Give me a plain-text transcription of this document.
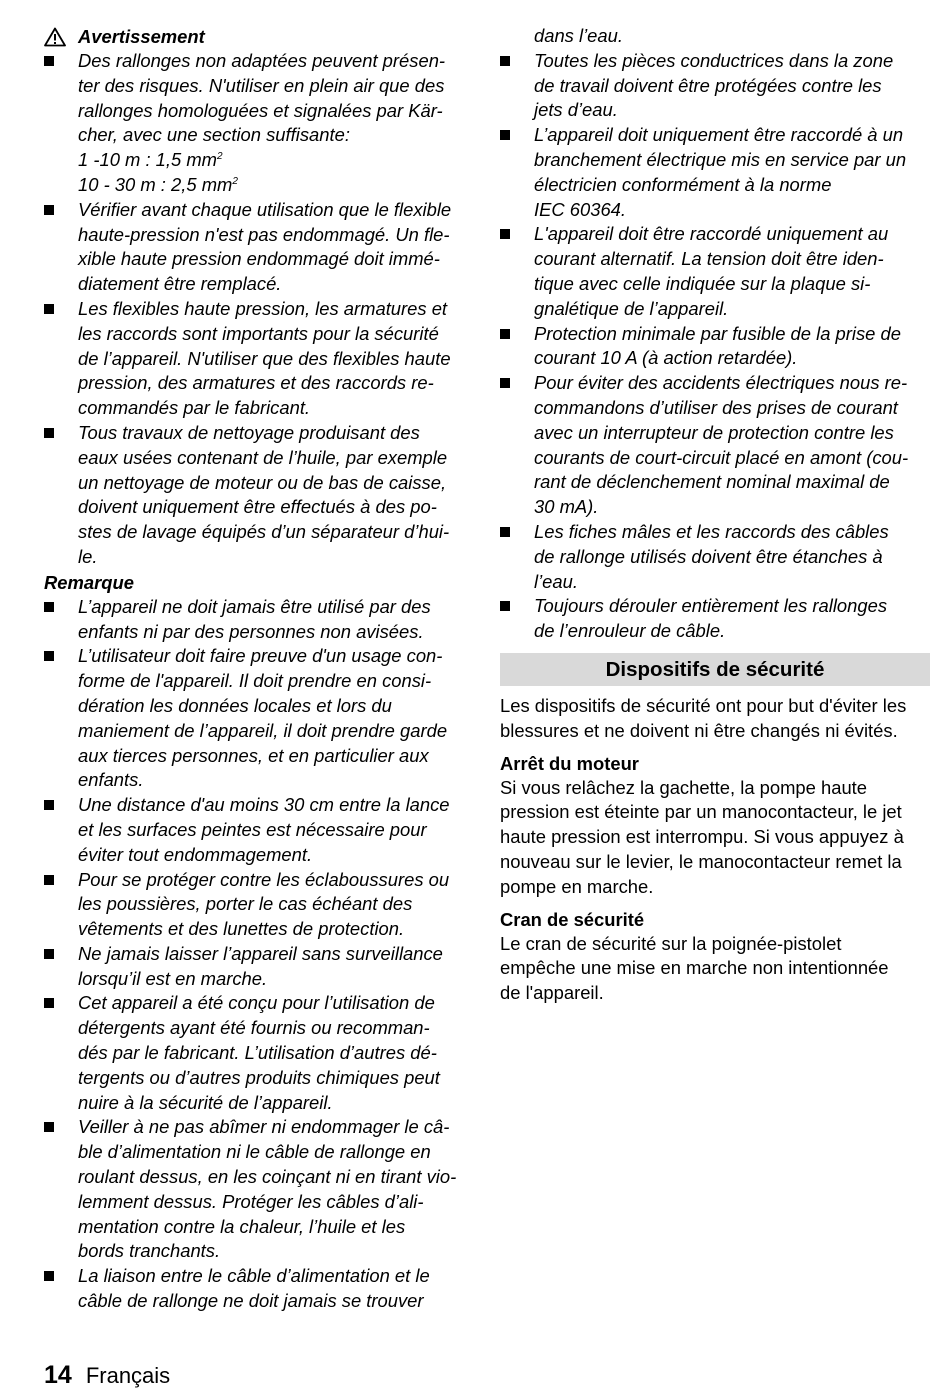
Avertissement
Des rallonges non adaptées peuvent présen-
ter des risques. N'utiliser en plein air que des
rallonges homologuées et signalées par Kär-
cher, avec une section suffisante:
1 -10 m : 1,5 $mm^2$
10 - 30 m : 2,5 $mm^2$
Vérifier avant chaque utilisation que le flexible
haute-pression n'est pas endommagé. Un fle-
xible haute pression endommagé doit immé-
diatement être remplacé.
Les flexibles haute pression, les armatures et
les raccords sont importants pour la sécurité
de l’appareil. N'utiliser que des flexibles haute
pression, des armatures et des raccords re-
commandés par le fabricant.
Tous travaux de nettoyage produisant des
eaux usées contenant de l’huile, par exemple
un nettoyage de moteur ou de bas de caisse,
doivent uniquement être effectués à des po-
stes de lavage équipés d’un séparateur d’hui-
le.
Remarque
L’appareil ne doit jamais être utilisé par des
enfants ni par des personnes non avisées.
L’utilisateur doit faire preuve d'un usage con-
forme de l'appareil. Il doit prendre en consi-
dération les données locales et lors du
maniement de l’appareil, il doit prendre garde
aux tierces personnes, et en particulier aux
enfants.
Une distance d'au moins 30 cm entre la lance
et les surfaces peintes est nécessaire pour
éviter tout endommagement.
Pour se protéger contre les éclaboussures ou
les poussières, porter le cas échéant des
vêtements et des lunettes de protection.
Ne jamais laisser l’appareil sans surveillance
lorsqu’il est en marche.
Cet appareil a été conçu pour l’utilisation de
détergents ayant été fournis ou recomman-
dés par le fabricant. L’utilisation d’autres dé-
tergents ou d’autres produits chimiques peut
nuire à la sécurité de l’appareil.
Veiller à ne pas abîmer ni endommager le câ-
ble d’alimentation ni le câble de rallonge en
roulant dessus, en les coinçant ni en tirant vio-
lemment dessus. Protéger les câbles d’ali-
mentation contre la chaleur, l’huile et les
bords tranchants.
La liaison entre le câble d’alimentation et le
câble de rallonge ne doit jamais se trouver
dans l’eau.
Toutes les pièces conductrices dans la zone
de travail doivent être protégées contre les
jets d’eau.
L’appareil doit uniquement être raccordé à un
branchement électrique mis en service par un
électricien conformément à la norme
IEC 60364.
L'appareil doit être raccordé uniquement au
courant alternatif. La tension doit être iden-
tique avec celle indiquée sur la plaque si-
gnalétique de l’appareil.
Protection minimale par fusible de la prise de
courant 10 A (à action retardée).
Pour éviter des accidents électriques nous re-
commandons d’utiliser des prises de courant
avec un interrupteur de protection contre les
courants de court-circuit placé en amont (cou-
rant de déclenchement nominal maximal de
30 mA).
Les fiches mâles et les raccords des câbles
de rallonge utilisés doivent être étanches à
l’eau.
Toujours dérouler entièrement les rallonges
de l’enrouleur de câble.
Dispositifs de sécurité
Les dispositifs de sécurité ont pour but d'éviter les
blessures et ne doivent ni être changés ni évités.
Arrêt du moteur
Si vous relâchez la gachette, la pompe haute
pression est éteinte par un manocontacteur, le jet
haute pression est interrompu. Si vous appuyez à
nouveau sur le levier, le manocontacteur remet la
pompe en marche.
Cran de sécurité
Le cran de sécurité sur la poignée-pistolet
empêche une mise en marche non intentionnée
de l'appareil.
14 Français
